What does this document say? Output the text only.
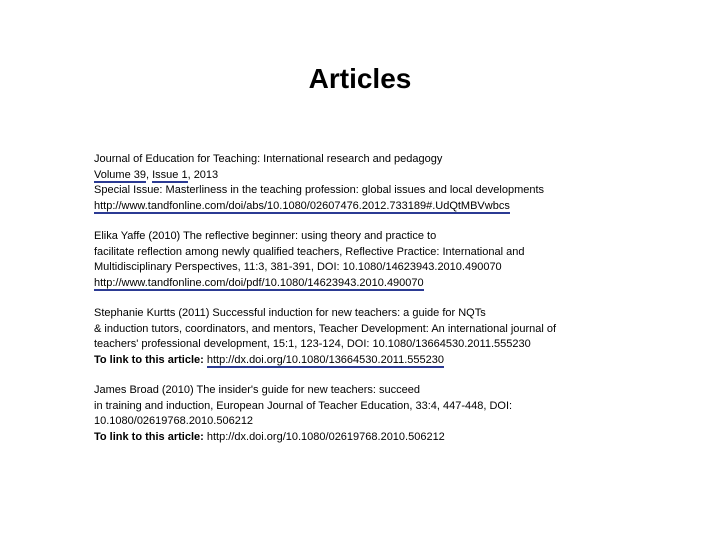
Articles
Journal of Education for Teaching: International research and pedagogy
Volume 39, Issue 1, 2013
Special Issue: Masterliness in the teaching profession: global issues and local developments
http://www.tandfonline.com/doi/abs/10.1080/02607476.2012.733189#.UdQtMBVwbcs
Elika Yaffe (2010) The reflective beginner: using theory and practice to
facilitate reflection among newly qualified teachers, Reflective Practice: International and
Multidisciplinary Perspectives, 11:3, 381-391, DOI: 10.1080/14623943.2010.490070
http://www.tandfonline.com/doi/pdf/10.1080/14623943.2010.490070
Stephanie Kurtts (2011) Successful induction for new teachers: a guide for NQTs
& induction tutors, coordinators, and mentors, Teacher Development: An international journal of
teachers' professional development, 15:1, 123-124, DOI: 10.1080/13664530.2011.555230
To link to this article: http://dx.doi.org/10.1080/13664530.2011.555230
James Broad (2010) The insider's guide for new teachers: succeed
in training and induction, European Journal of Teacher Education, 33:4, 447-448, DOI:
10.1080/02619768.2010.506212
To link to this article: http://dx.doi.org/10.1080/02619768.2010.506212
